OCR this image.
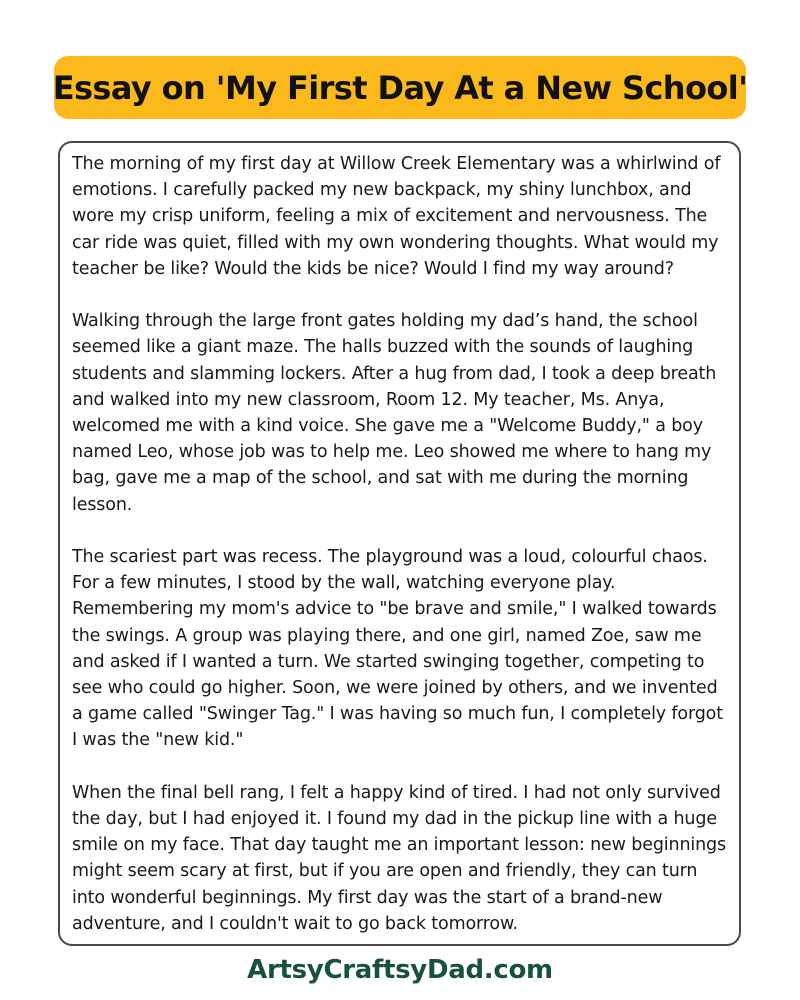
Essay on 'My First Day At a New School'

The morning of my first day at Willow Creek Elementary was a whirlwind of emotions. I carefully packed my new backpack, my shiny lunchbox, and wore my crisp uniform, feeling a mix of excitement and nervousness. The car ride was quiet, filled with my own wondering thoughts. What would my teacher be like? Would the kids be nice? Would I find my way around?

Walking through the large front gates holding my dad’s hand, the school seemed like a giant maze. The halls buzzed with the sounds of laughing students and slamming lockers. After a hug from dad, I took a deep breath and walked into my new classroom, Room 12. My teacher, Ms. Anya, welcomed me with a kind voice. She gave me a "Welcome Buddy," a boy named Leo, whose job was to help me. Leo showed me where to hang my bag, gave me a map of the school, and sat with me during the morning lesson.

The scariest part was recess. The playground was a loud, colourful chaos. For a few minutes, I stood by the wall, watching everyone play. Remembering my mom's advice to "be brave and smile," I walked towards the swings. A group was playing there, and one girl, named Zoe, saw me and asked if I wanted a turn. We started swinging together, competing to see who could go higher. Soon, we were joined by others, and we invented a game called "Swinger Tag." I was having so much fun, I completely forgot I was the "new kid."

When the final bell rang, I felt a happy kind of tired. I had not only survived the day, but I had enjoyed it. I found my dad in the pickup line with a huge smile on my face. That day taught me an important lesson: new beginnings might seem scary at first, but if you are open and friendly, they can turn into wonderful beginnings. My first day was the start of a brand-new adventure, and I couldn't wait to go back tomorrow.

ArtsyCraftsyDad.com
